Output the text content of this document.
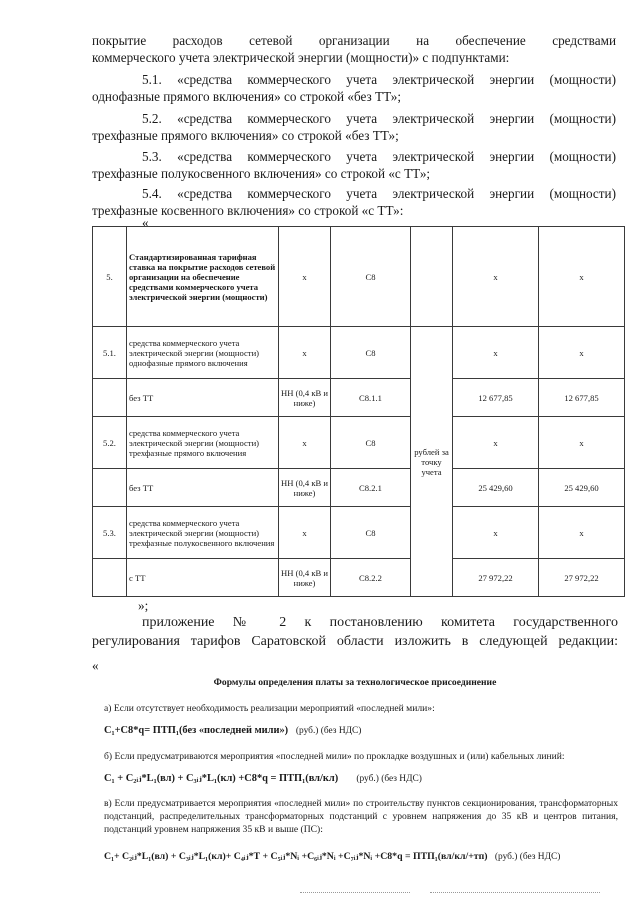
покрытие расходов сетевой организации на обеспечение средствами

коммерческого учета электрической энергии (мощности)» с подпунктами:

5.1. «средства коммерческого учета электрической энергии (мощности)

однофазные прямого включения» со строкой «без ТТ»;

5.2. «средства коммерческого учета электрической энергии (мощности)

трехфазные прямого включения» со строкой «без ТТ»;

5.3. «средства коммерческого учета электрической энергии (мощности)

трехфазные полукосвенного включения» со строкой «с ТТ»;

5.4. «средства коммерческого учета электрической энергии (мощности)

трехфазные косвенного включения» со строкой «с ТТ»:

«

5.	Стандартизированная тарифная ставка на покрытие расходов сетевой организации на обеспечение средствами коммерческого учета электрической энергии (мощности)	х	С8		х	х
5.1.	средства коммерческого учета электрической энергии (мощности) однофазные прямого включения	х	С8	рублей за точку учета	х	х
	без ТТ	НН (0,4 кВ и ниже)	С8.1.1		12 677,85	12 677,85
5.2.	средства коммерческого учета электрической энергии (мощности) трехфазные прямого включения	х	С8		х	х
	без ТТ	НН (0,4 кВ и ниже)	С8.2.1		25 429,60	25 429,60
5.3.	средства коммерческого учета электрической энергии (мощности) трехфазные полукосвенного включения	х	С8		х	х
	с ТТ	НН (0,4 кВ и ниже)	С8.2.2		27 972,22	27 972,22

»;

приложение № 2 к постановлению комитета государственного

регулирования тарифов Саратовской области изложить в следующей редакции:

«

Формулы определения платы за технологическое присоединение

а) Если отсутствует необходимость реализации мероприятий «последней мили»:

С₁+С8*q= ПТП₁(без «последней мили») (руб.) (без НДС)

б) Если предусматриваются мероприятия «последней мили» по прокладке воздушных и (или) кабельных линий:

С₁ + С₂ᵢⱼ*L₁(вл) + С₃ᵢⱼ*L₁(кл) +С8*q = ПТП₁(вл/кл) (руб.) (без НДС)

в) Если предусматривается мероприятия «последней мили» по строительству пунктов секционирования, трансформаторных подстанций, распределительных трансформаторных подстанций с уровнем напряжения до 35 кВ и центров питания, подстанций уровнем напряжения 35 кВ и выше (ПС):

С₁+ С₂ᵢⱼ*L₁(вл) + С₃ᵢⱼ*L₁(кл)+ С₄ᵢⱼ*Т + С₅ᵢⱼ*Nᵢ +С₆ᵢⱼ*Nᵢ +С₇ᵢⱼ*Nᵢ +С8*q = ПТП₁(вл/кл/+тп) (руб.) (без НДС)
